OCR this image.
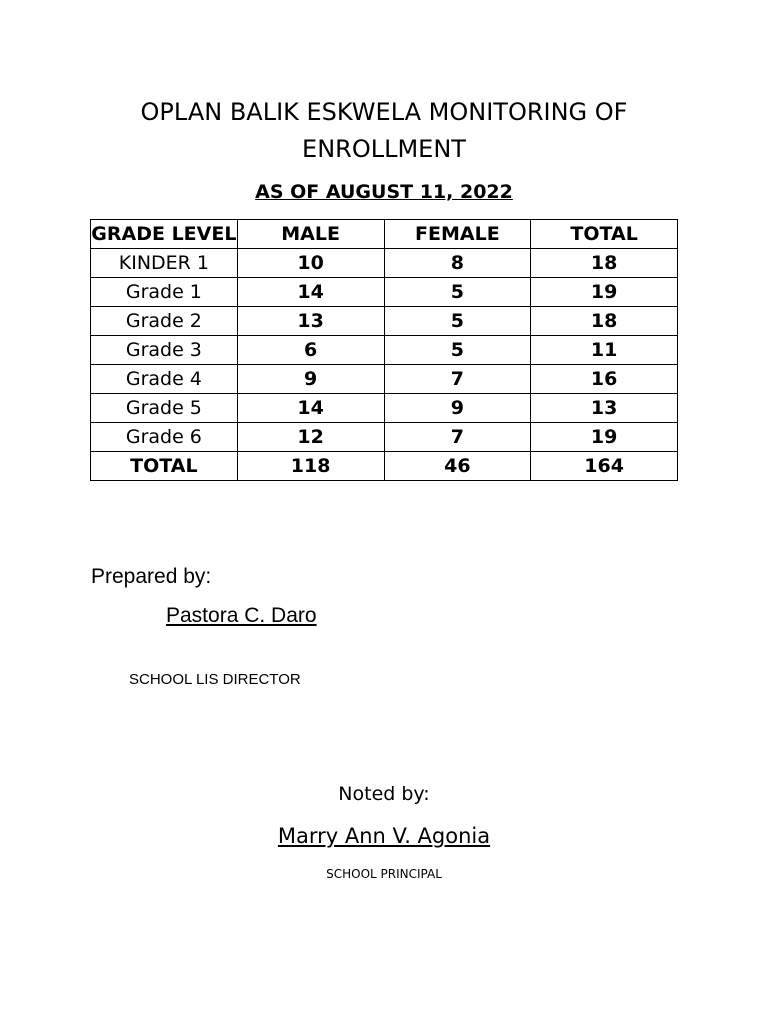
OPLAN BALIK ESKWELA MONITORING OF
ENROLLMENT
AS OF AUGUST 11, 2022
GRADE LEVEL	MALE	FEMALE	TOTAL
KINDER 1	10	8	18
Grade 1	14	5	19
Grade 2	13	5	18
Grade 3	6	5	11
Grade 4	9	7	16
Grade 5	14	9	13
Grade 6	12	7	19
TOTAL	118	46	164
Prepared by:
Pastora C. Daro
SCHOOL LIS DIRECTOR
Noted by:
Marry Ann V. Agonia
SCHOOL PRINCIPAL
